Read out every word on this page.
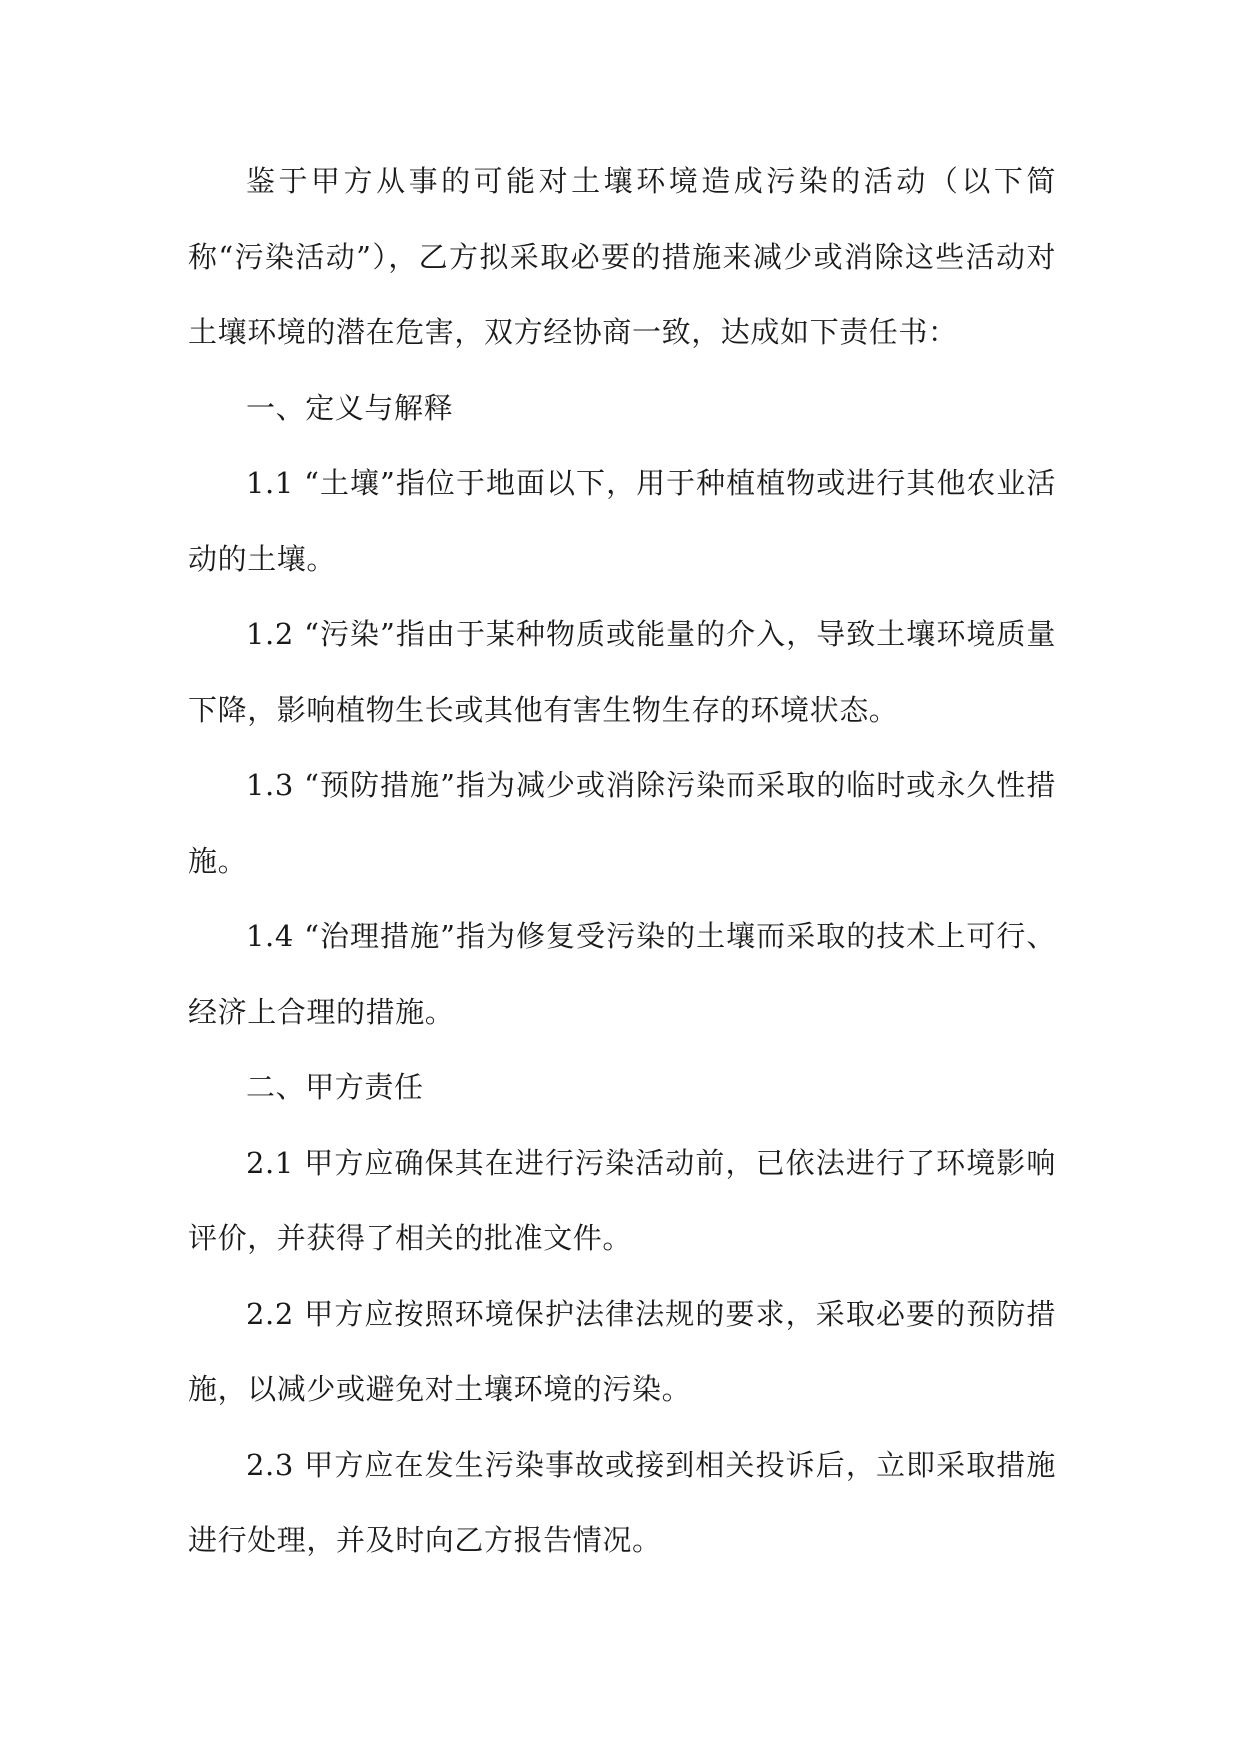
鉴于甲方从事的可能对土壤环境造成污染的活动（以下简称“污染活动”），乙方拟采取必要的措施来减少或消除这些活动对土壤环境的潜在危害，双方经协商一致，达成如下责任书：

一、定义与解释

1.1 “土壤”指位于地面以下，用于种植植物或进行其他农业活动的土壤。

1.2 “污染”指由于某种物质或能量的介入，导致土壤环境质量下降，影响植物生长或其他有害生物生存的环境状态。

1.3 “预防措施”指为减少或消除污染而采取的临时或永久性措施。

1.4 “治理措施”指为修复受污染的土壤而采取的技术上可行、经济上合理的措施。

二、甲方责任

2.1 甲方应确保其在进行污染活动前，已依法进行了环境影响评价，并获得了相关的批准文件。

2.2 甲方应按照环境保护法律法规的要求，采取必要的预防措施，以减少或避免对土壤环境的污染。

2.3 甲方应在发生污染事故或接到相关投诉后，立即采取措施进行处理，并及时向乙方报告情况。
